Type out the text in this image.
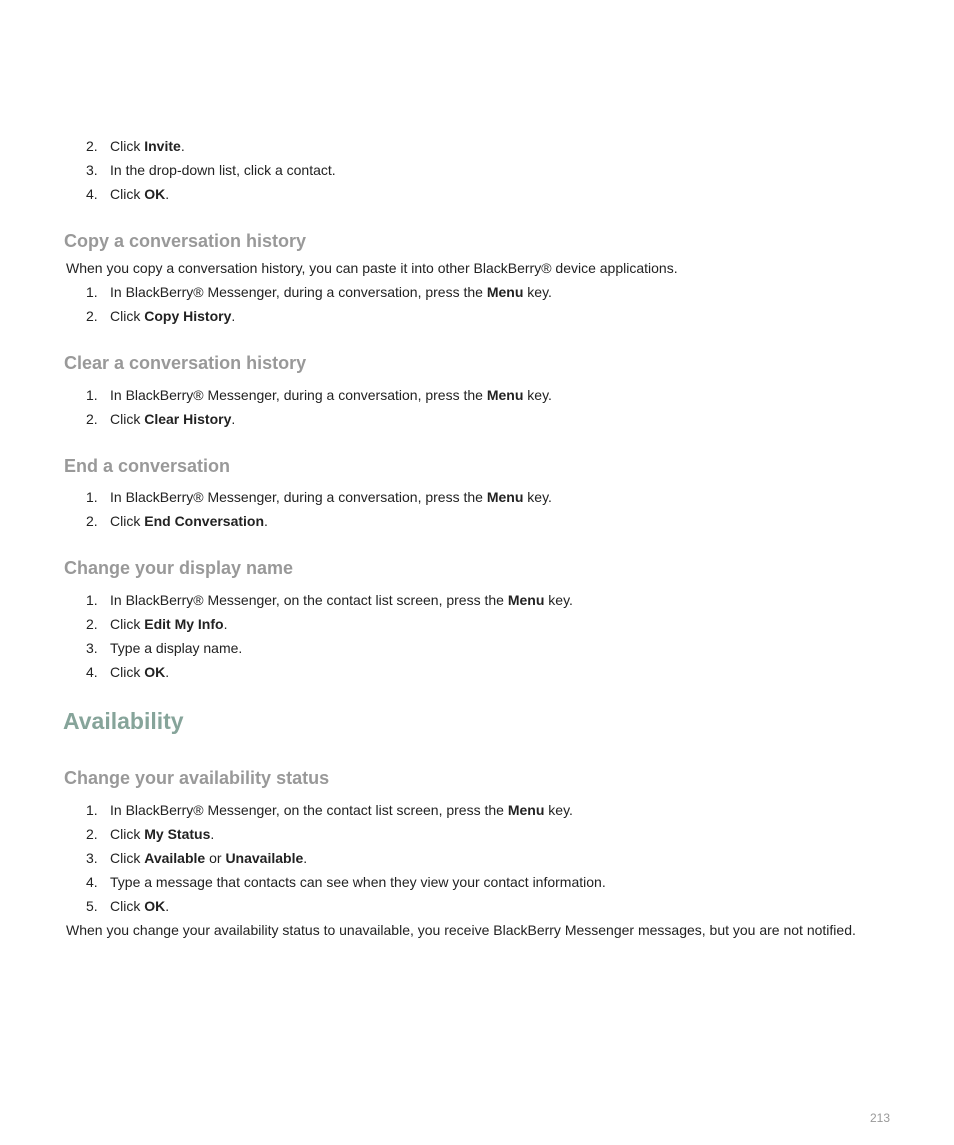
2. Click Invite.
3. In the drop-down list, click a contact.
4. Click OK.
Copy a conversation history

When you copy a conversation history, you can paste it into other BlackBerry® device applications.

1. In BlackBerry® Messenger, during a conversation, press the Menu key.
2. Click Copy History.
Clear a conversation history
1. In BlackBerry® Messenger, during a conversation, press the Menu key.
2. Click Clear History.
End a conversation
1. In BlackBerry® Messenger, during a conversation, press the Menu key.
2. Click End Conversation.
Change your display name
1. In BlackBerry® Messenger, on the contact list screen, press the Menu key.
2. Click Edit My Info.
3. Type a display name.
4. Click OK.
Availability
Change your availability status
1. In BlackBerry® Messenger, on the contact list screen, press the Menu key.
2. Click My Status.
3. Click Available or Unavailable.
4. Type a message that contacts can see when they view your contact information.
5. Click OK.

When you change your availability status to unavailable, you receive BlackBerry Messenger messages, but you are not notified.

213
